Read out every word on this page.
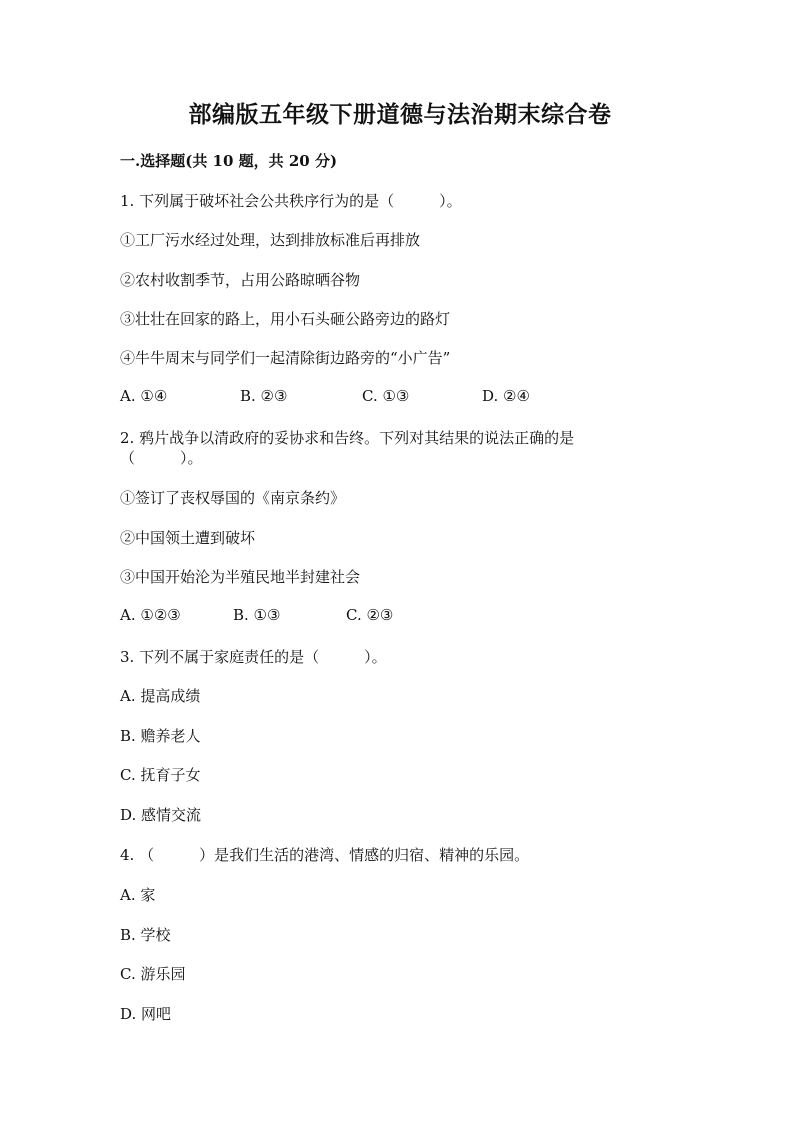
部编版五年级下册道德与法治期末综合卷
一.选择题(共 10 题，共 20 分)
1. 下列属于破坏社会公共秩序行为的是（　　　）。
①工厂污水经过处理，达到排放标准后再排放
②农村收割季节，占用公路晾晒谷物
③壮壮在回家的路上，用小石头砸公路旁边的路灯
④牛牛周末与同学们一起清除街边路旁的“小广告”
A. ①④	B. ②③	C. ①③	D. ②④
2. 鸦片战争以清政府的妥协求和告终。下列对其结果的说法正确的是
（　　　）。
①签订了丧权辱国的《南京条约》
②中国领土遭到破坏
③中国开始沦为半殖民地半封建社会
A. ①②③	B. ①③	C. ②③
3. 下列不属于家庭责任的是（　　　）。
A. 提高成绩
B. 赡养老人
C. 抚育子女
D. 感情交流
4. （　　　）是我们生活的港湾、情感的归宿、精神的乐园。
A. 家
B. 学校
C. 游乐园
D. 网吧
